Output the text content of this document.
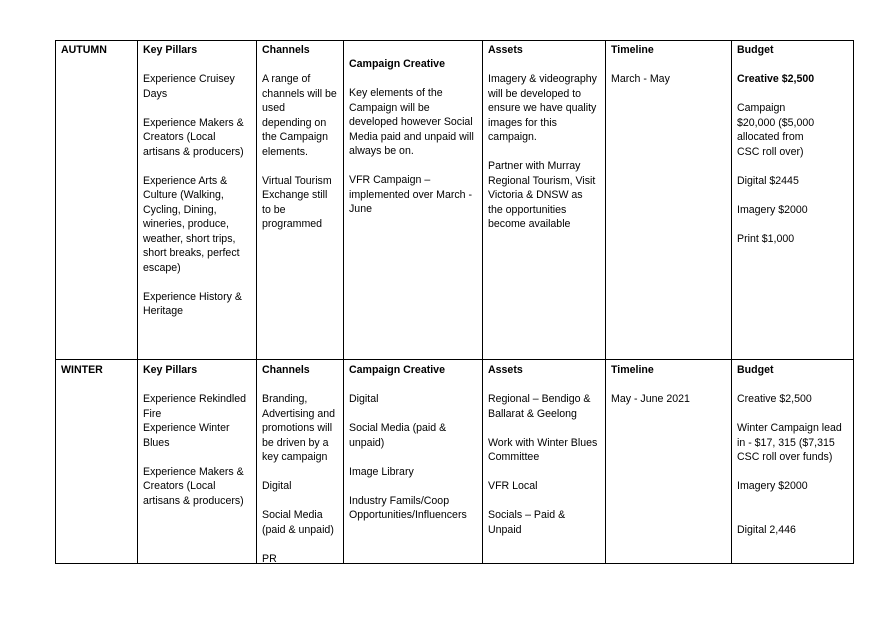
AUTUMN	Key Pillars

Experience Cruisey Days

Experience Makers & Creators (Local artisans & producers)

Experience Arts & Culture (Walking, Cycling, Dining, wineries, produce, weather, short trips, short breaks, perfect escape)

Experience History & Heritage

Channels

A range of channels will be used depending on the Campaign elements.

Virtual Tourism Exchange still to be programmed

Campaign Creative

Key elements of the Campaign will be developed however Social Media paid and unpaid will always be on.

VFR Campaign – implemented over March - June

Assets

Imagery & videography will be developed to ensure we have quality images for this campaign.

Partner with Murray Regional Tourism, Visit Victoria & DNSW as the opportunities become available

Timeline

March - May

Budget

Creative $2,500

Campaign $20,000 ($5,000 allocated from CSC roll over)

Digital $2445

Imagery $2000

Print $1,000

WINTER	Key Pillars

Experience Rekindled Fire

Experience Winter Blues

Experience Makers & Creators (Local artisans & producers)

Channels

Branding, Advertising and promotions will be driven by a key campaign

Digital

Social Media (paid & unpaid)

PR

Campaign Creative

Digital

Social Media (paid & unpaid)

Image Library

Industry Famils/Coop Opportunities/Influencers

Assets

Regional – Bendigo & Ballarat & Geelong

Work with Winter Blues Committee

VFR Local

Socials – Paid & Unpaid

Timeline

May - June 2021

Budget

Creative $2,500

Winter Campaign lead in - $17, 315 ($7,315 CSC roll over funds)

Imagery $2000

Digital 2,446
